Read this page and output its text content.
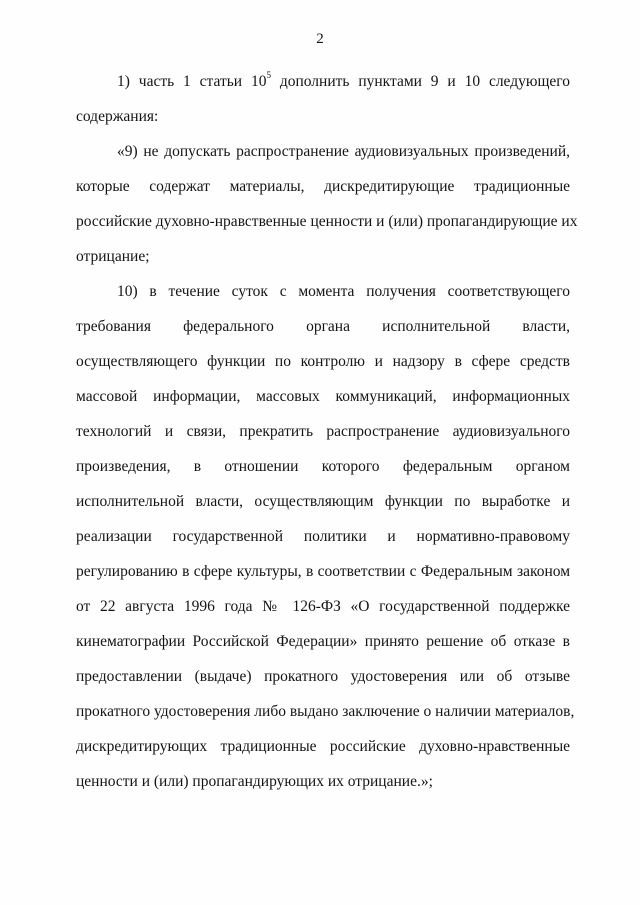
2
1) часть 1 статьи $10^5$ дополнить пунктами 9 и 10 следующего
содержания:
«9) не допускать распространение аудиовизуальных произведений,
которые содержат материалы, дискредитирующие традиционные
российские духовно-нравственные ценности и (или) пропагандирующие их
отрицание;
10) в течение суток с момента получения соответствующего
требования федерального органа исполнительной власти,
осуществляющего функции по контролю и надзору в сфере средств
массовой информации, массовых коммуникаций, информационных
технологий и связи, прекратить распространение аудиовизуального
произведения, в отношении которого федеральным органом
исполнительной власти, осуществляющим функции по выработке и
реализации государственной политики и нормативно-правовому
регулированию в сфере культуры, в соответствии с Федеральным законом
от 22 августа 1996 года № 126-ФЗ «О государственной поддержке
кинематографии Российской Федерации» принято решение об отказе в
предоставлении (выдаче) прокатного удостоверения или об отзыве
прокатного удостоверения либо выдано заключение о наличии материалов,
дискредитирующих традиционные российские духовно-нравственные
ценности и (или) пропагандирующих их отрицание.»;
